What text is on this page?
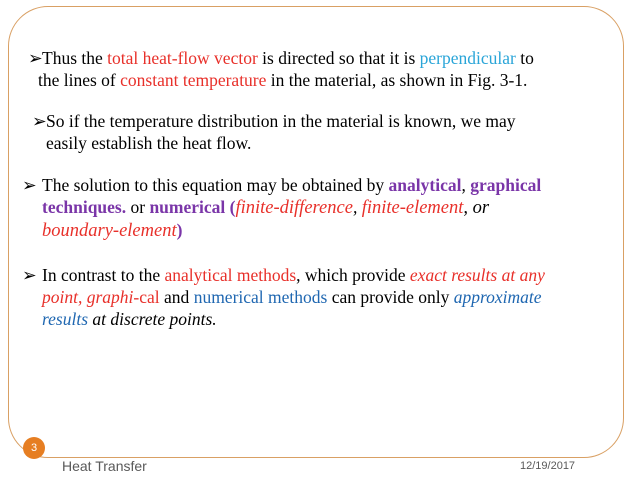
➢ Thus the total heat-flow vector is directed so that it is perpendicular to
the lines of constant temperature in the material, as shown in Fig. 3-1.
➢ So if the temperature distribution in the material is known, we may
easily establish the heat flow.
➢ The solution to this equation may be obtained by analytical, graphical
techniques. or numerical (finite-difference, finite-element, or
boundary-element)
➢ In contrast to the analytical methods, which provide exact results at any
point, graphi-cal and numerical methods can provide only approximate
results at discrete points.
3
Heat Transfer	12/19/2017
